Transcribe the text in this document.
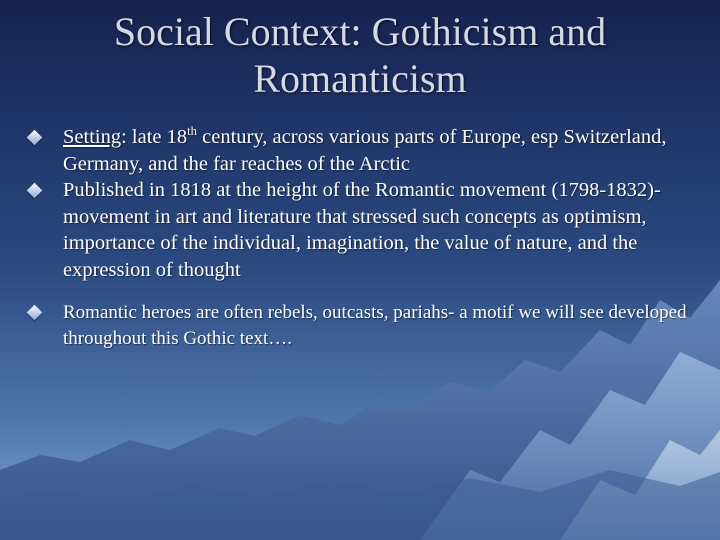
Social Context: Gothicism and Romanticism
Setting: late 18th century, across various parts of Europe, esp Switzerland, Germany, and the far reaches of the Arctic
Published in 1818 at the height of the Romantic movement (1798-1832)- movement in art and literature that stressed such concepts as optimism, importance of the individual, imagination, the value of nature, and the expression of thought
Romantic heroes are often rebels, outcasts, pariahs- a motif we will see developed throughout this Gothic text….
